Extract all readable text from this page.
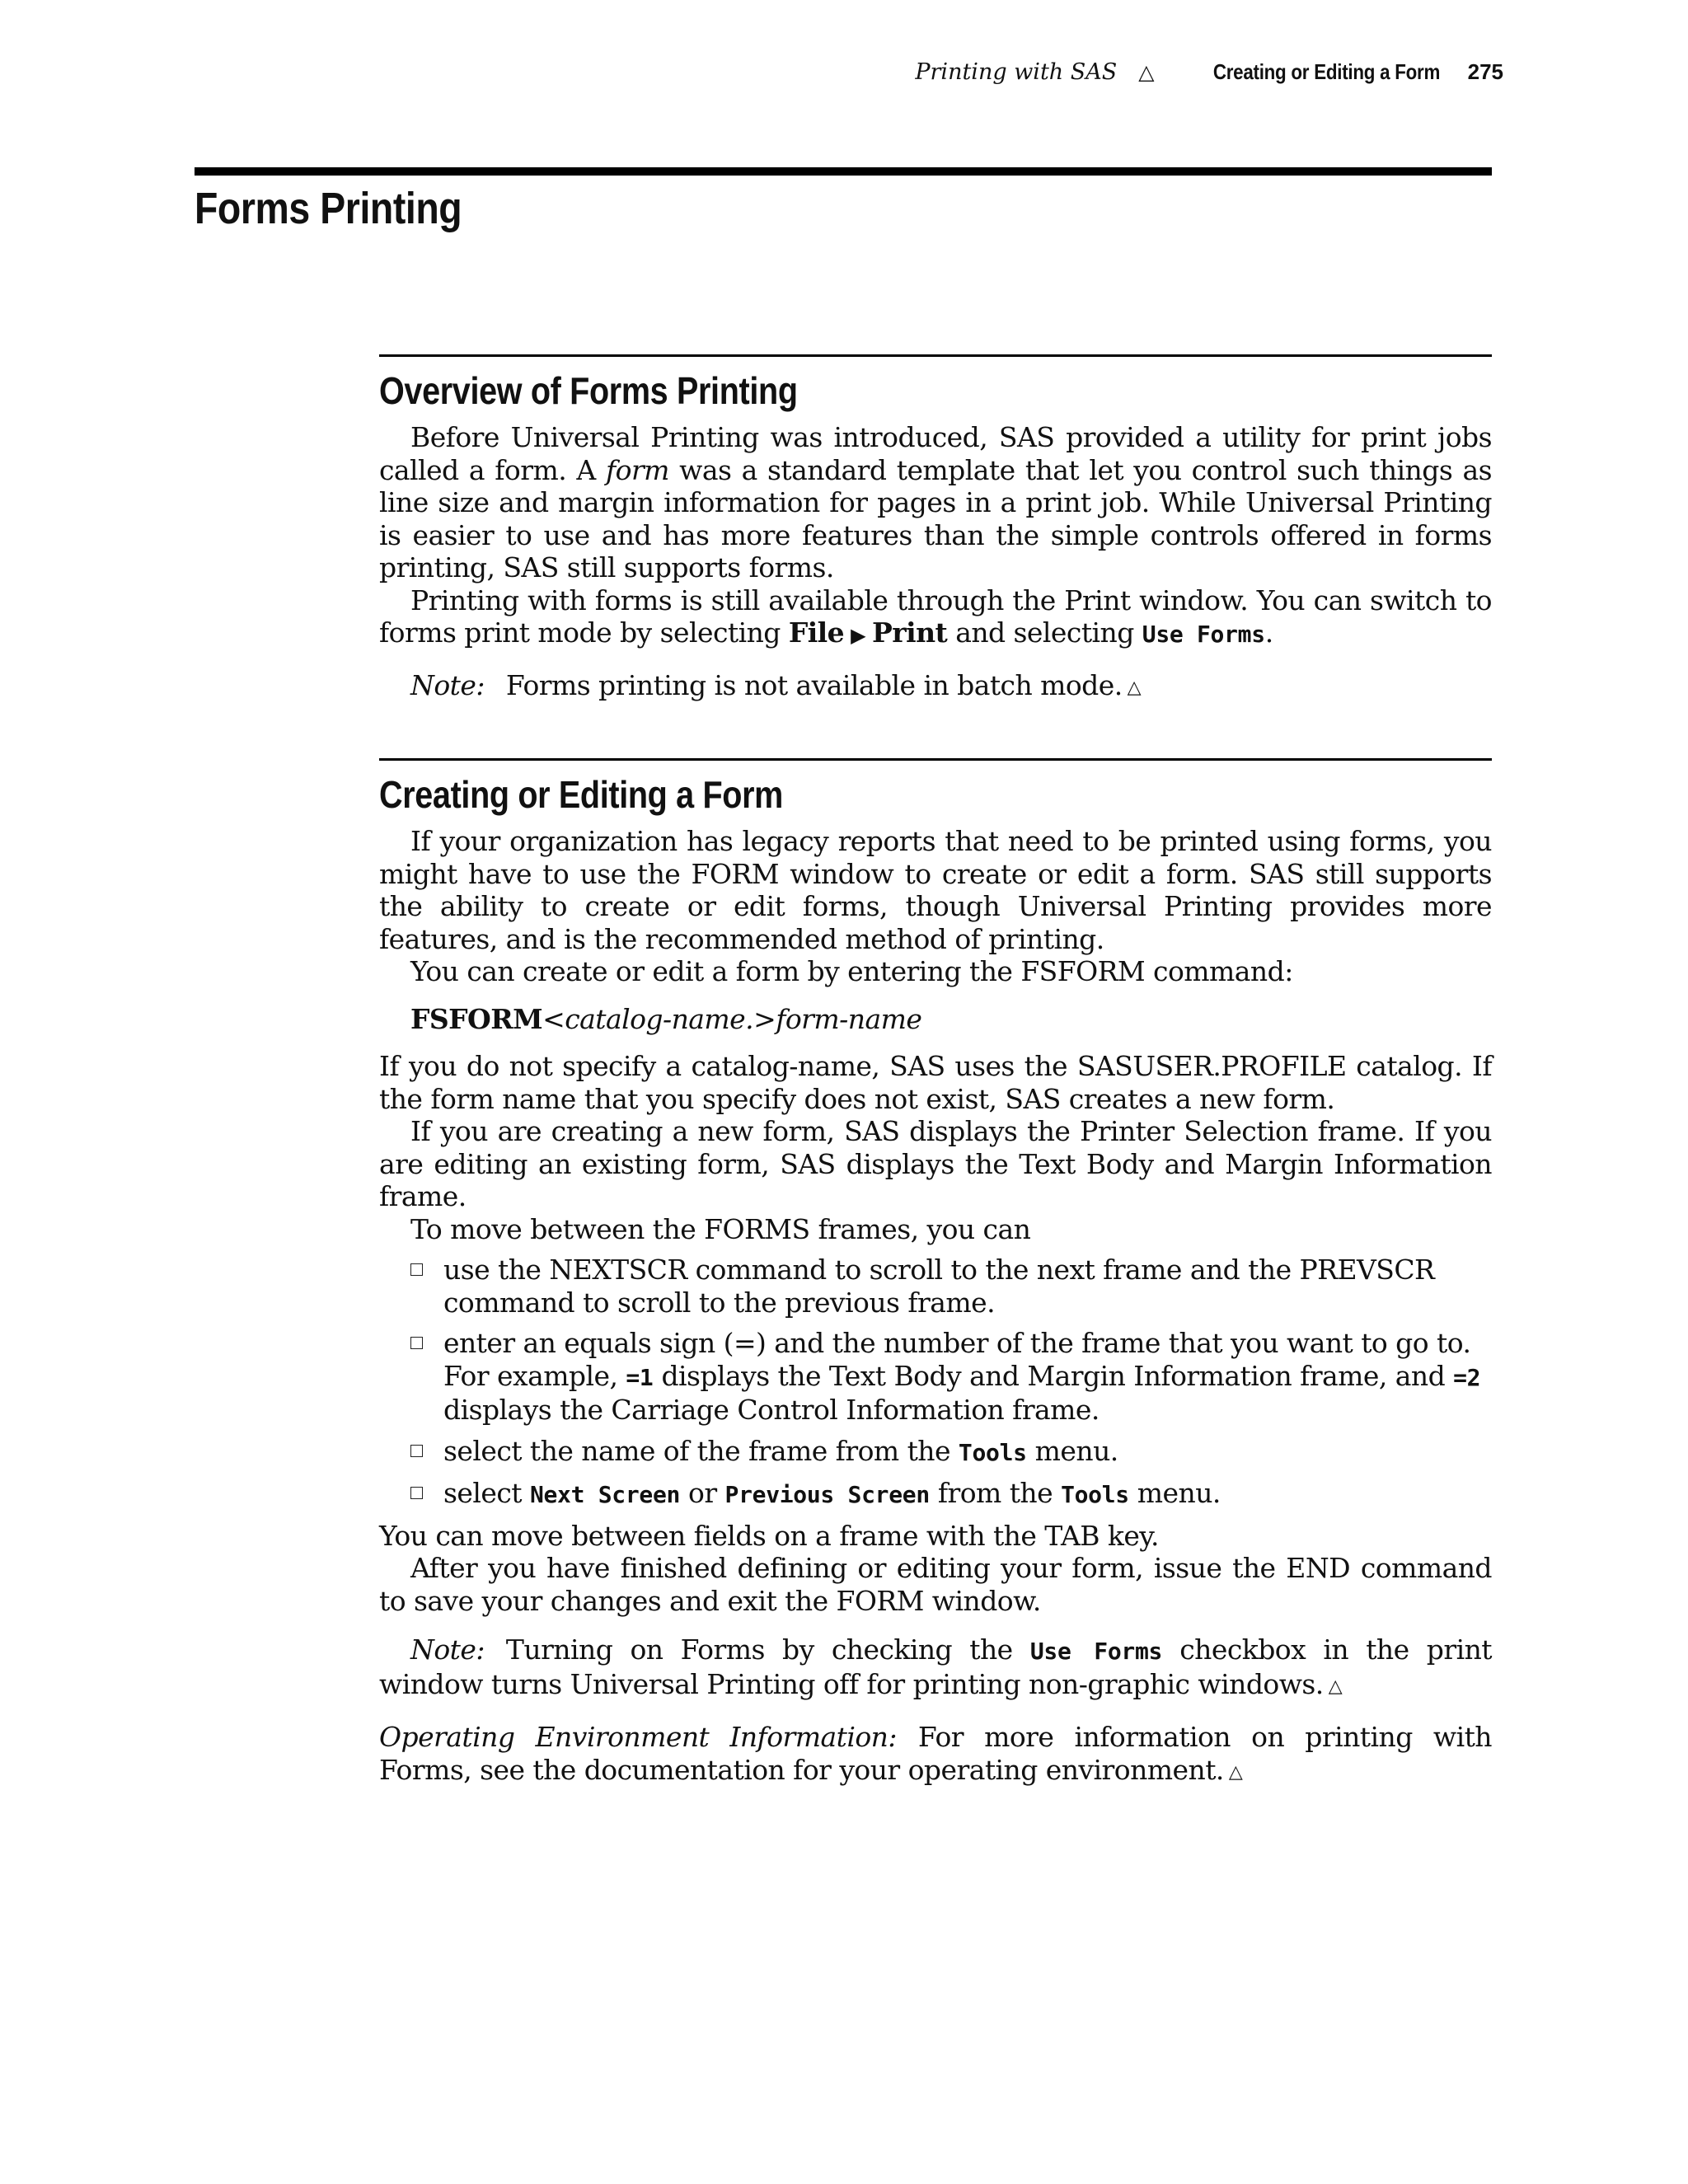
Printing with SAS △	Creating or Editing a Form 275
Forms Printing
Overview of Forms Printing

Before Universal Printing was introduced, SAS provided a utility for print jobs called a form. A form was a standard template that let you control such things as line size and margin information for pages in a print job. While Universal Printing is easier to use and has more features than the simple controls offered in forms printing, SAS still supports forms.

Printing with forms is still available through the Print window. You can switch to forms print mode by selecting File ▶ Print and selecting Use Forms.

Note: Forms printing is not available in batch mode. △

Creating or Editing a Form

If your organization has legacy reports that need to be printed using forms, you might have to use the FORM window to create or edit a form. SAS still supports the ability to create or edit forms, though Universal Printing provides more features, and is the recommended method of printing.

You can create or edit a form by entering the FSFORM command:

FSFORM<catalog-name.>form-name

If you do not specify a catalog-name, SAS uses the SASUSER.PROFILE catalog. If the form name that you specify does not exist, SAS creates a new form.

If you are creating a new form, SAS displays the Printer Selection frame. If you are editing an existing form, SAS displays the Text Body and Margin Information frame.

To move between the FORMS frames, you can

use the NEXTSCR command to scroll to the next frame and the PREVSCR command to scroll to the previous frame.
enter an equals sign (=) and the number of the frame that you want to go to. For example, =1 displays the Text Body and Margin Information frame, and =2 displays the Carriage Control Information frame.
select the name of the frame from the Tools menu.
select Next Screen or Previous Screen from the Tools menu.

You can move between fields on a frame with the TAB key.

After you have finished defining or editing your form, issue the END command to save your changes and exit the FORM window.

Note: Turning on Forms by checking the Use Forms checkbox in the print window turns Universal Printing off for printing non-graphic windows. △

Operating Environment Information: For more information on printing with Forms, see the documentation for your operating environment. △
